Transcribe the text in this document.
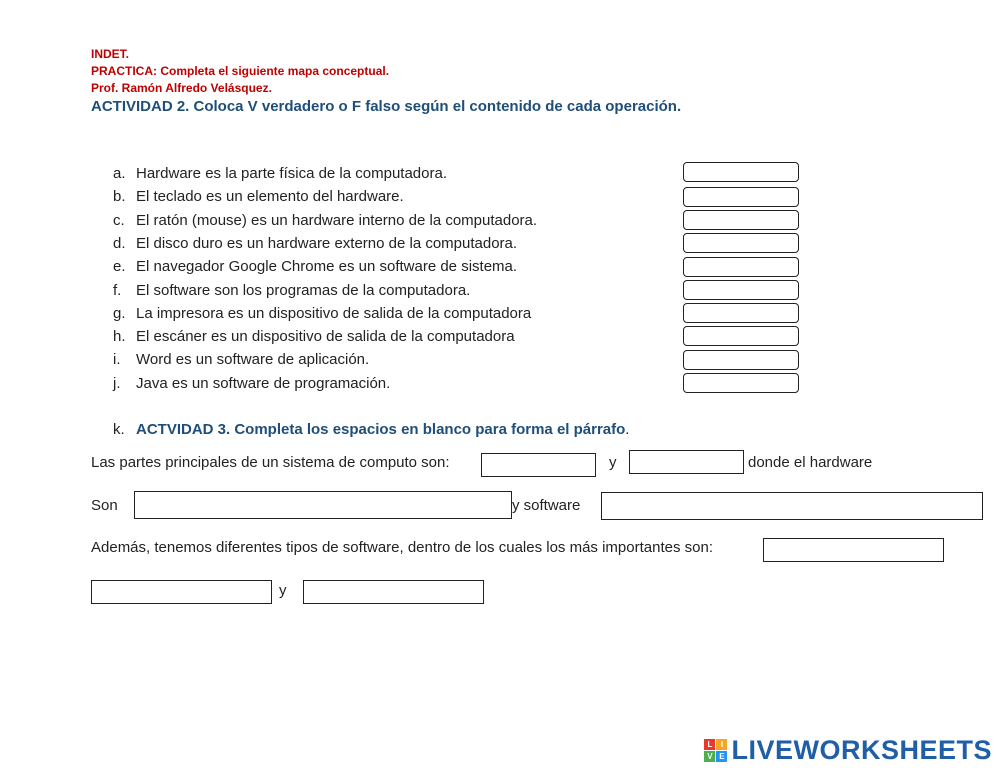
INDET.
PRACTICA: Completa el siguiente mapa conceptual.
Prof. Ramón Alfredo Velásquez.
ACTIVIDAD 2. Coloca V verdadero o F falso según el contenido de cada operación.
a. Hardware es la parte física de la computadora.
b. El teclado es un elemento del hardware.
c. El ratón (mouse) es un hardware interno de la computadora.
d. El disco duro es un hardware externo de la computadora.
e. El navegador Google Chrome es un software de sistema.
f. El software son los programas de la computadora.
g. La impresora es un dispositivo de salida de la computadora
h. El escáner es un dispositivo de salida de la computadora
i. Word es un software de aplicación.
j. Java es un software de programación.
k. ACTVIDAD 3. Completa los espacios en blanco para forma el párrafo.
Las partes principales de un sistema de computo son:	y	donde el hardware
Son	y software
Además, tenemos diferentes tipos de software, dentro de los cuales los más importantes son:
y
L	I
V E LIVEWORKSHEETS
